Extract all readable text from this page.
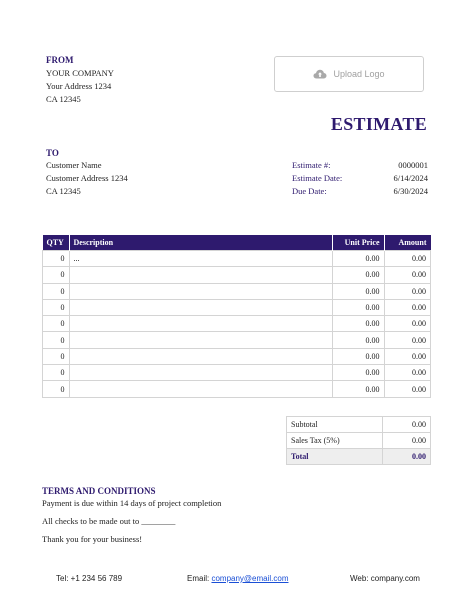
FROM
YOUR COMPANY
Your Address 1234
CA 12345
Upload Logo
ESTIMATE
TO
Customer Name
Customer Address 1234
CA 12345
Estimate #:	0000001
Estimate Date:	6/14/2024
Due Date:	6/30/2024
QTY	Description	Unit Price	Amount
0	...	0.00	0.00
0		0.00	0.00
0		0.00	0.00
0		0.00	0.00
0		0.00	0.00
0		0.00	0.00
0		0.00	0.00
0		0.00	0.00
0		0.00	0.00
Subtotal	0.00
Sales Tax (5%)	0.00
Total	0.00
TERMS AND CONDITIONS
Payment is due within 14 days of project completion
All checks to be made out to ________
Thank you for your business!
Tel: +1 234 56 789	Email: company@email.com	Web: company.com
